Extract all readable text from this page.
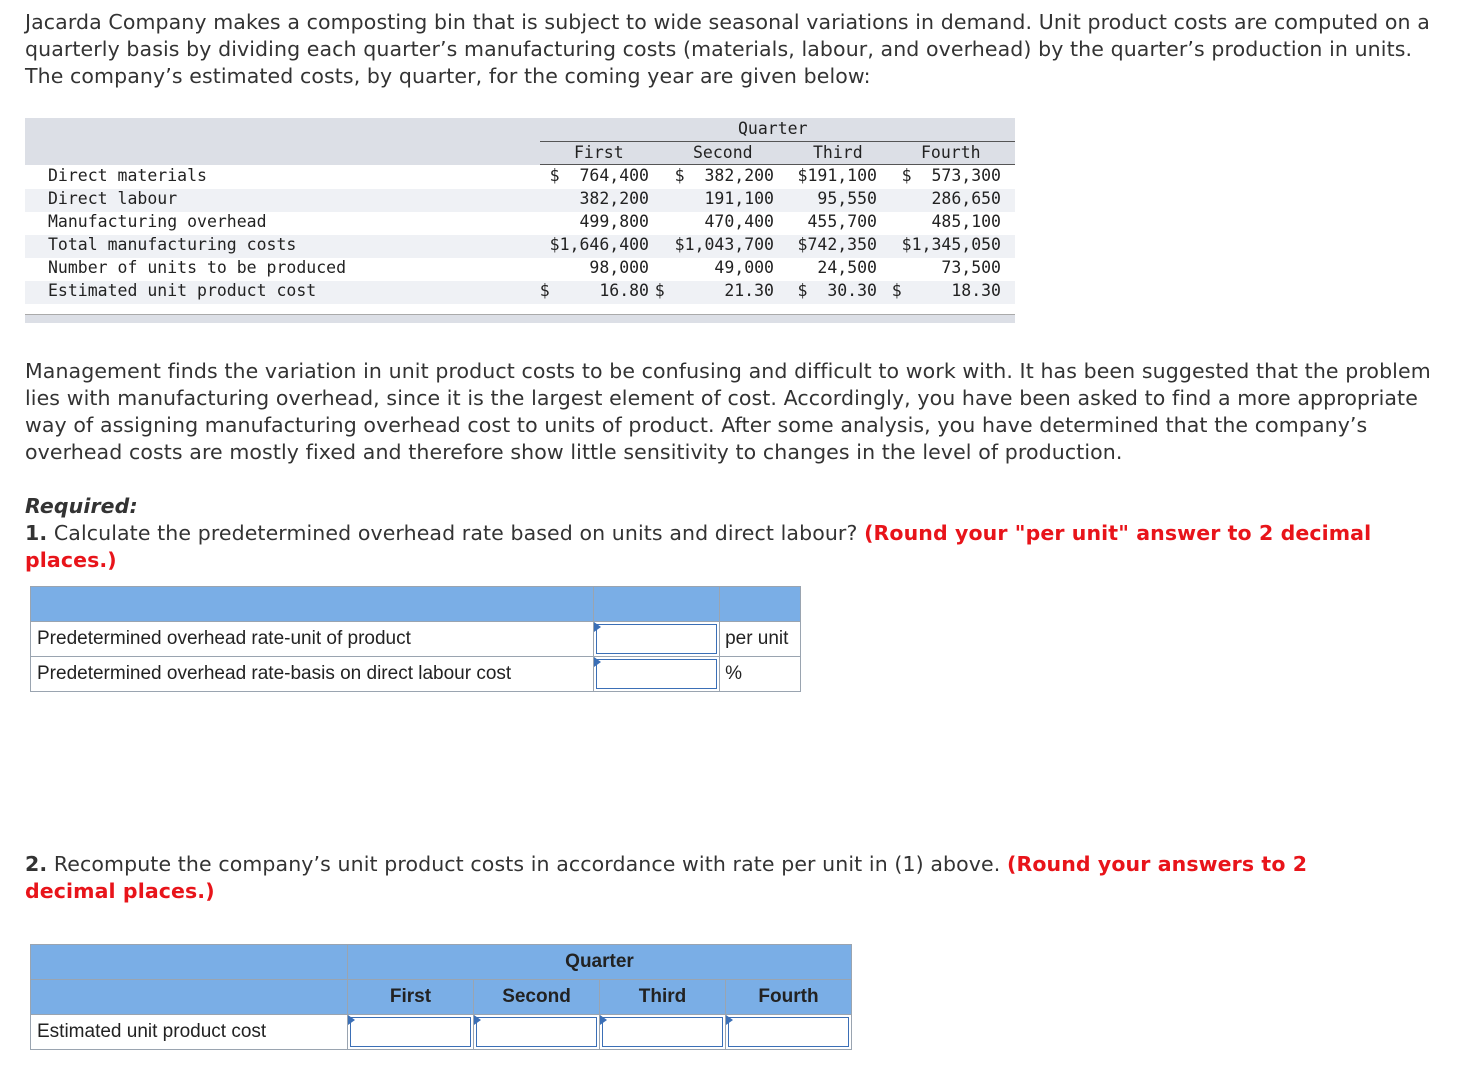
Jacarda Company makes a composting bin that is subject to wide seasonal variations in demand. Unit product costs are computed on a quarterly basis by dividing each quarter’s manufacturing costs (materials, labour, and overhead) by the quarter’s production in units. The company’s estimated costs, by quarter, for the coming year are given below:
Quarter
First	Second	Third	Fourth
Direct materials	$  764,400 $  382,200 $191,100 $  573,300
Direct labour	382,200	191,100	95,550	286,650
Manufacturing overhead	499,800	470,400 455,700	485,100
Total manufacturing costs	$1,646,400 $1,043,700 $742,350 $1,345,050
Number of units to be produced	98,000	49,000	24,500	73,500
Estimated unit product cost	$     16.80 $      21.30 $  30.30 $     18.30
Management finds the variation in unit product costs to be confusing and difficult to work with. It has been suggested that the problem lies with manufacturing overhead, since it is the largest element of cost. Accordingly, you have been asked to find a more appropriate way of assigning manufacturing overhead cost to units of product. After some analysis, you have determined that the company’s overhead costs are mostly fixed and therefore show little sensitivity to changes in the level of production.
Required:
1. Calculate the predetermined overhead rate based on units and direct labour? (Round your "per unit" answer to 2 decimal places.)

Predetermined overhead rate-unit of product		per unit
Predetermined overhead rate-basis on direct labour cost		%
2. Recompute the company’s unit product costs in accordance with rate per unit in (1) above. (Round your answers to 2 decimal places.)
	Quarter			
	First	Second	Third	Fourth
Estimated unit product cost	
